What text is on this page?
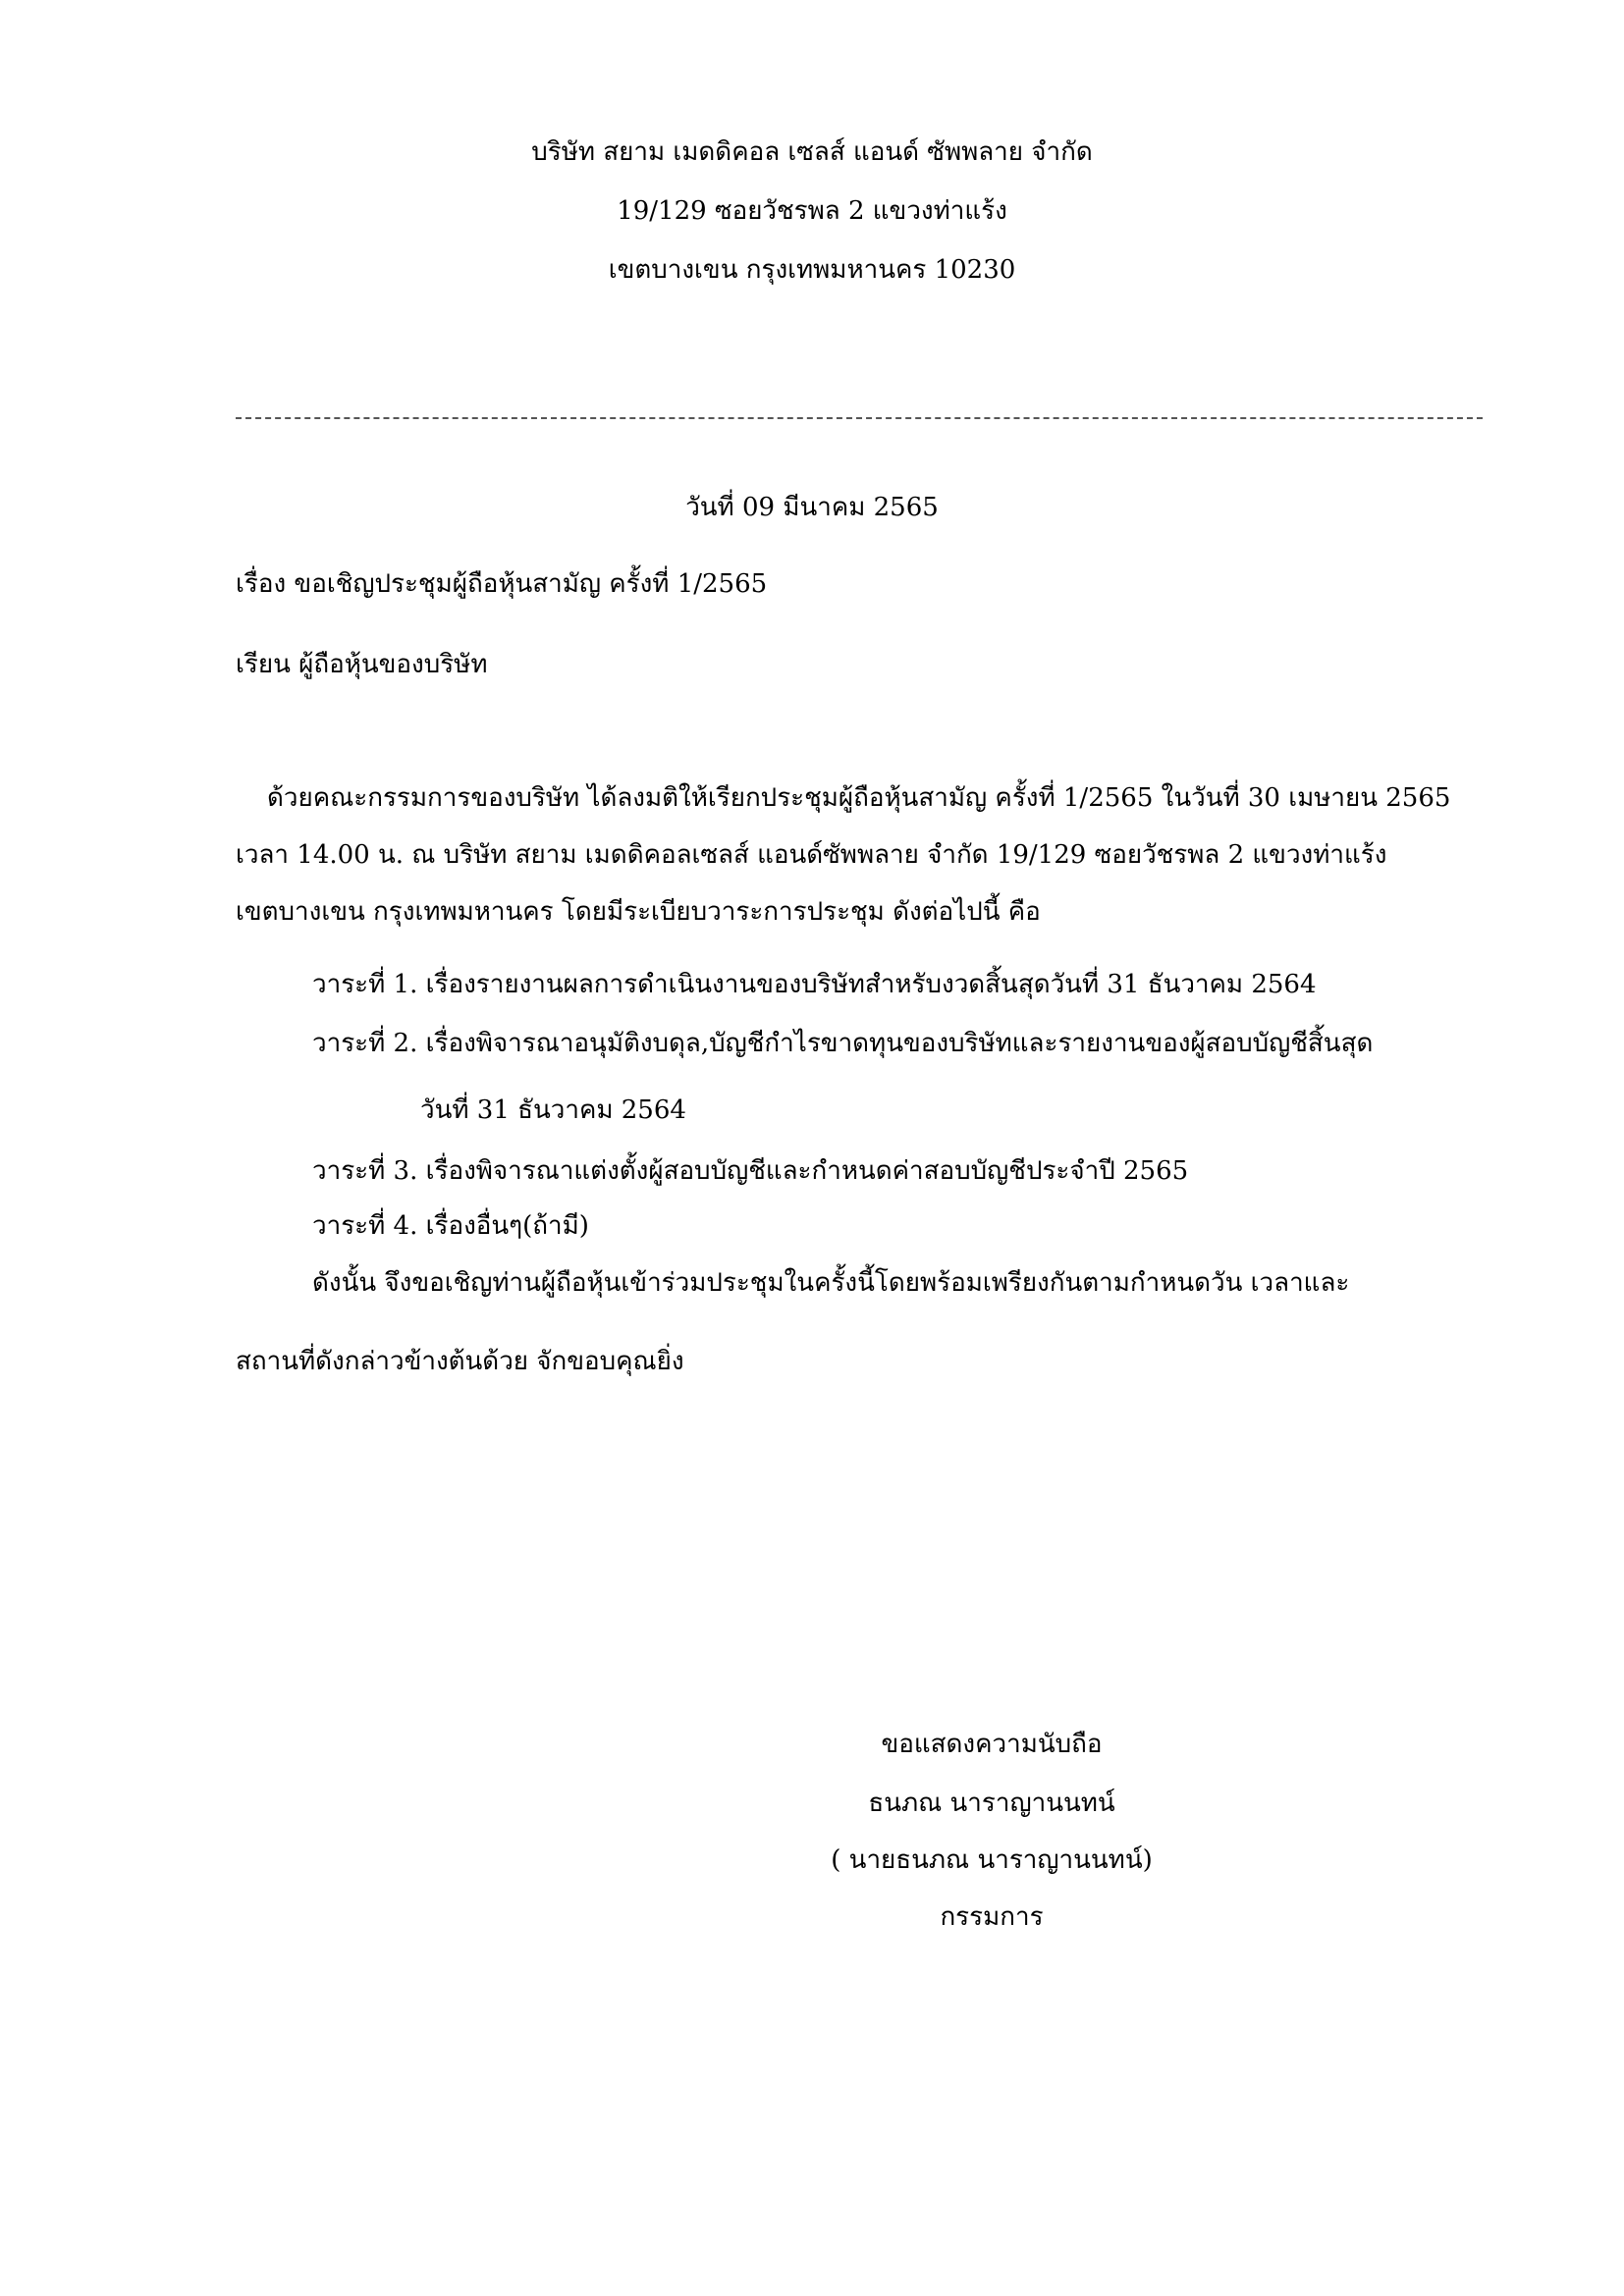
บริษัท สยาม เมดดิคอล เซลส์ แอนด์ ซัพพลาย จำกัด
19/129 ซอยวัชรพล 2 แขวงท่าแร้ง
เขตบางเขน กรุงเทพมหานคร 10230
วันที่ 09 มีนาคม 2565
เรื่อง ขอเชิญประชุมผู้ถือหุ้นสามัญ ครั้งที่ 1/2565
เรียน ผู้ถือหุ้นของบริษัท
ด้วยคณะกรรมการของบริษัท ได้ลงมติให้เรียกประชุมผู้ถือหุ้นสามัญ ครั้งที่ 1/2565 ในวันที่ 30 เมษายน 2565
เวลา 14.00 น. ณ บริษัท สยาม เมดดิคอลเซลส์ แอนด์ซัพพลาย จำกัด 19/129 ซอยวัชรพล 2 แขวงท่าแร้ง
เขตบางเขน กรุงเทพมหานคร โดยมีระเบียบวาระการประชุม ดังต่อไปนี้ คือ
วาระที่ 1. เรื่องรายงานผลการดำเนินงานของบริษัทสำหรับงวดสิ้นสุดวันที่ 31 ธันวาคม 2564
วาระที่ 2. เรื่องพิจารณาอนุมัติงบดุล,บัญชีกำไรขาดทุนของบริษัทและรายงานของผู้สอบบัญชีสิ้นสุด
วันที่ 31 ธันวาคม 2564
วาระที่ 3. เรื่องพิจารณาแต่งตั้งผู้สอบบัญชีและกำหนดค่าสอบบัญชีประจำปี 2565
วาระที่ 4. เรื่องอื่นๆ(ถ้ามี)
ดังนั้น จึงขอเชิญท่านผู้ถือหุ้นเข้าร่วมประชุมในครั้งนี้โดยพร้อมเพรียงกันตามกำหนดวัน เวลาและ
สถานที่ดังกล่าวข้างต้นด้วย จักขอบคุณยิ่ง
ขอแสดงความนับถือ
ธนภณ นาราญานนทน์
( นายธนภณ นาราญานนทน์)
กรรมการ
